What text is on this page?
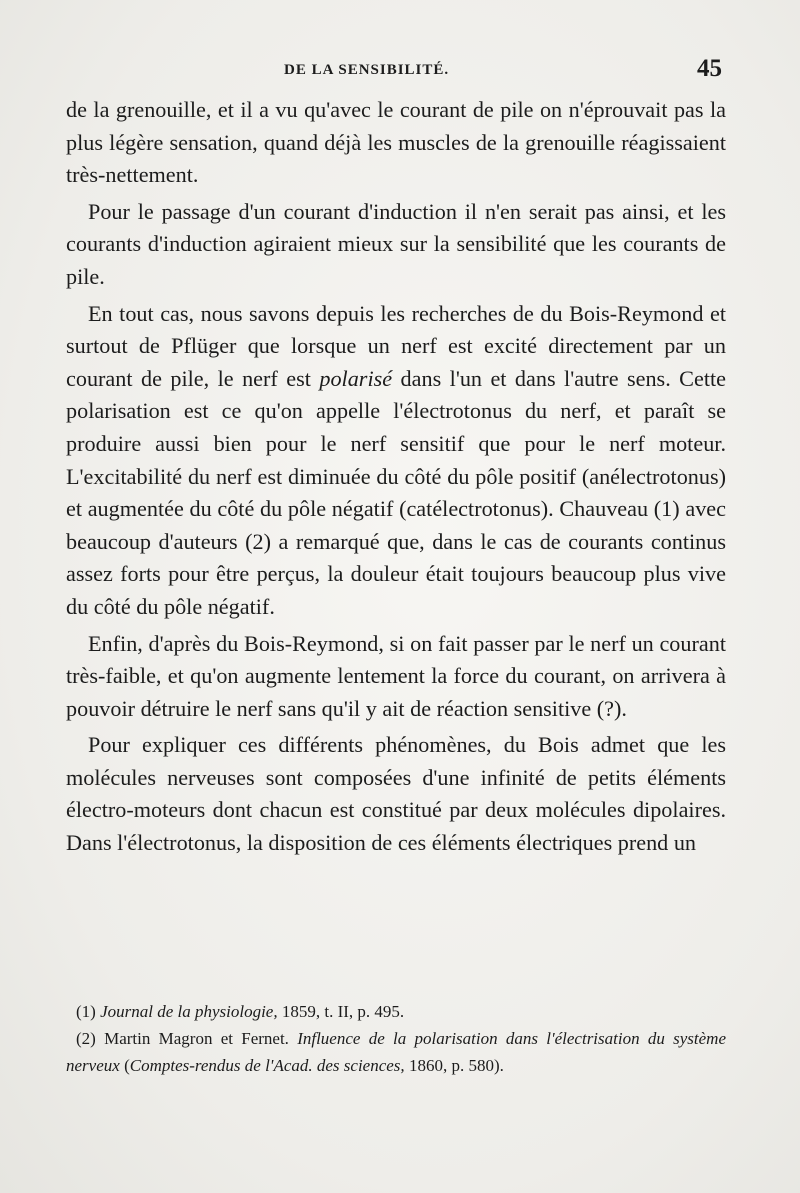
DE LA SENSIBILITÉ.	45

de la grenouille, et il a vu qu'avec le courant de pile on n'éprouvait pas la plus légère sensation, quand déjà les muscles de la grenouille réagissaient très-nettement.

Pour le passage d'un courant d'induction il n'en serait pas ainsi, et les courants d'induction agiraient mieux sur la sensibilité que les courants de pile.

En tout cas, nous savons depuis les recherches de du Bois-Reymond et surtout de Pflüger que lorsque un nerf est excité directement par un courant de pile, le nerf est polarisé dans l'un et dans l'autre sens. Cette polarisation est ce qu'on appelle l'électrotonus du nerf, et paraît se produire aussi bien pour le nerf sensitif que pour le nerf moteur. L'excitabilité du nerf est diminuée du côté du pôle positif (anélectrotonus) et augmentée du côté du pôle négatif (catélectrotonus). Chauveau (1) avec beaucoup d'auteurs (2) a remarqué que, dans le cas de courants continus assez forts pour être perçus, la douleur était toujours beaucoup plus vive du côté du pôle négatif.

Enfin, d'après du Bois-Reymond, si on fait passer par le nerf un courant très-faible, et qu'on augmente lentement la force du courant, on arrivera à pouvoir détruire le nerf sans qu'il y ait de réaction sensitive (?).

Pour expliquer ces différents phénomènes, du Bois admet que les molécules nerveuses sont composées d'une infinité de petits éléments électro-moteurs dont chacun est constitué par deux molécules dipolaires. Dans l'électrotonus, la disposition de ces éléments électriques prend un

(1) Journal de la physiologie, 1859, t. II, p. 495.

(2) Martin Magron et Fernet. Influence de la polarisation dans l'électrisation du système nerveux (Comptes-rendus de l'Acad. des sciences, 1860, p. 580).
